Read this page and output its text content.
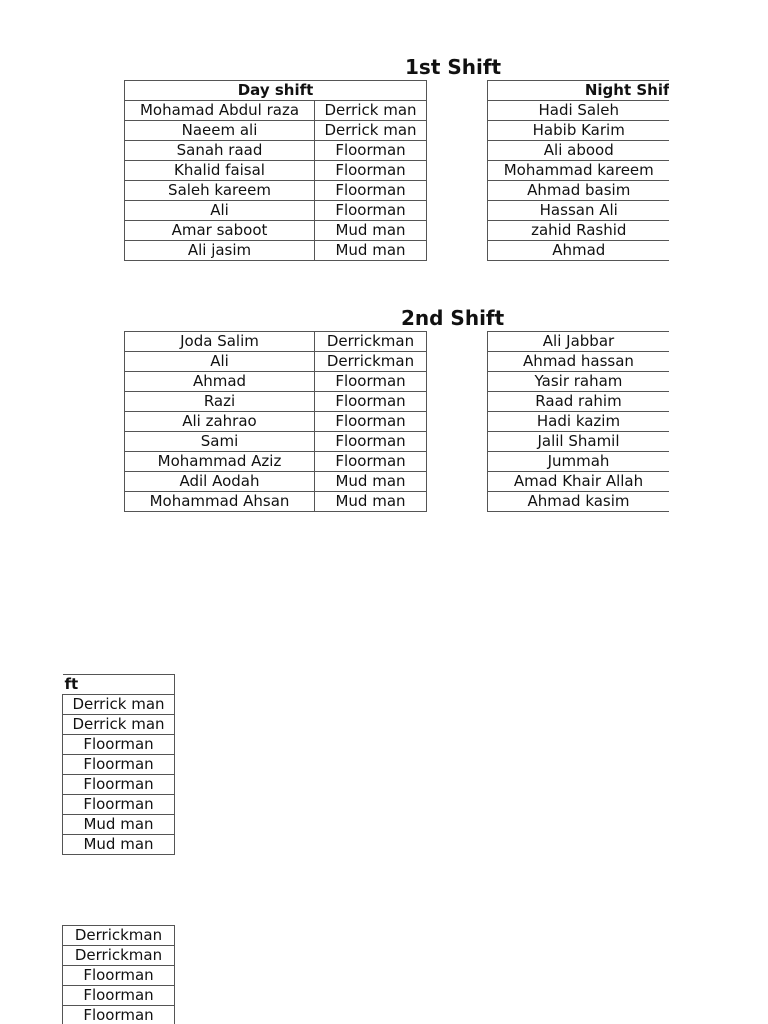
1st Shift
Day shift	
Mohamad Abdul raza	Derrick man
Naeem ali	Derrick man
Sanah raad	Floorman
Khalid faisal	Floorman
Saleh kareem	Floorman
Ali	Floorman
Amar saboot	Mud man
Ali jasim	Mud man
Night Shif
Hadi Saleh
Habib Karim
Ali abood
Mohammad kareem
Ahmad basim
Hassan Ali
zahid Rashid
Ahmad
2nd Shift
Joda Salim	Derrickman
Ali	Derrickman
Ahmad	Floorman
Razi	Floorman
Ali zahrao	Floorman
Sami	Floorman
Mohammad Aziz	Floorman
Adil Aodah	Mud man
Mohammad Ahsan	Mud man
Ali Jabbar
Ahmad hassan
Yasir raham
Raad rahim
Hadi kazim
Jalil Shamil
Jummah
Amad Khair Allah
Ahmad kasim
ft
Derrick man
Derrick man
Floorman
Floorman
Floorman
Floorman
Mud man
Mud man
Derrickman
Derrickman
Floorman
Floorman
Floorman
